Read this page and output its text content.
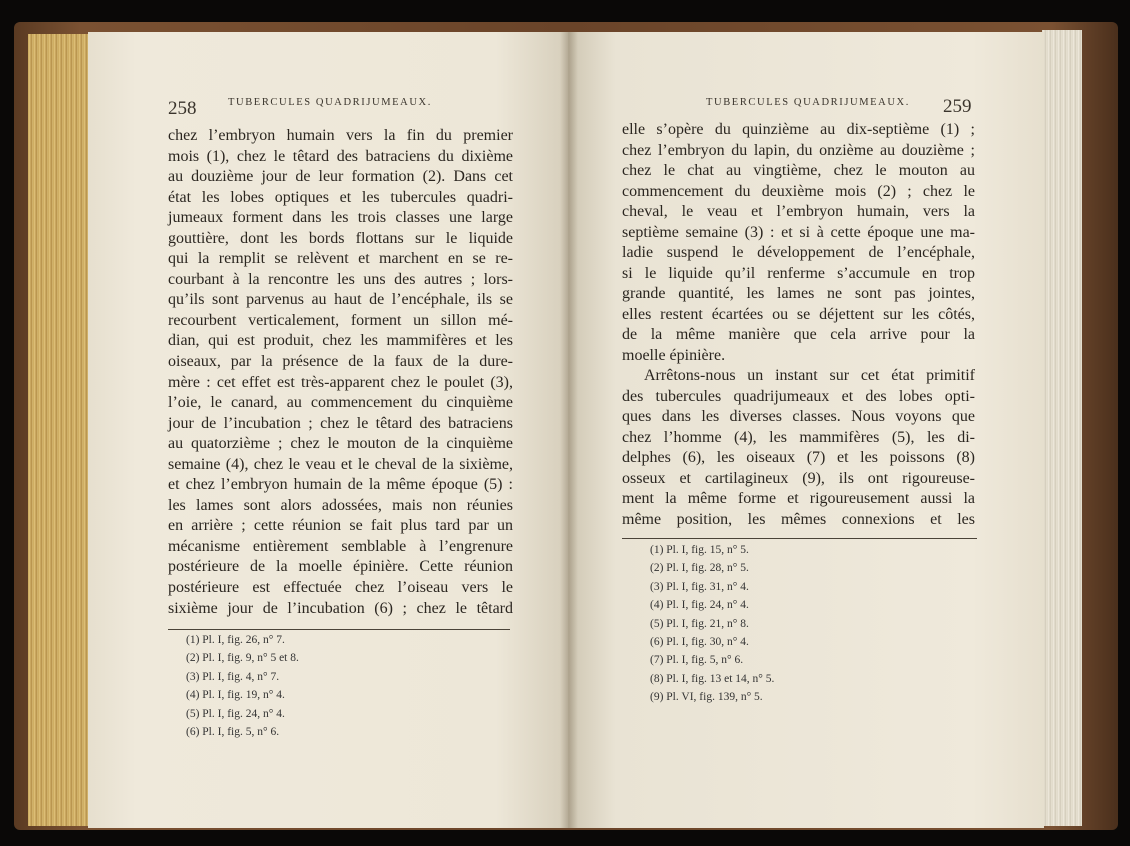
258	TUBERCULES QUADRIJUMEAUX.
chez l’embryon humain vers la fin du premier
mois (1), chez le têtard des batraciens du dixième
au douzième jour de leur formation (2). Dans cet
état les lobes optiques et les tubercules quadri-
jumeaux forment dans les trois classes une large
gouttière, dont les bords flottans sur le liquide
qui la remplit se relèvent et marchent en se re-
courbant à la rencontre les uns des autres ; lors-
qu’ils sont parvenus au haut de l’encéphale, ils se
recourbent verticalement, forment un sillon mé-
dian, qui est produit, chez les mammifères et les
oiseaux, par la présence de la faux de la dure-
mère : cet effet est très-apparent chez le poulet (3),
l’oie, le canard, au commencement du cinquième
jour de l’incubation ; chez le têtard des batraciens
au quatorzième ; chez le mouton de la cinquième
semaine (4), chez le veau et le cheval de la sixième,
et chez l’embryon humain de la même époque (5) :
les lames sont alors adossées, mais non réunies
en arrière ; cette réunion se fait plus tard par un
mécanisme entièrement semblable à l’engrenure
postérieure de la moelle épinière. Cette réunion
postérieure est effectuée chez l’oiseau vers le
sixième jour de l’incubation (6) ; chez le têtard
(1) Pl. I, fig. 26, n° 7.
(2) Pl. I, fig. 9, n° 5 et 8.
(3) Pl. I, fig. 4, n° 7.
(4) Pl. I, fig. 19, n° 4.
(5) Pl. I, fig. 24, n° 4.
(6) Pl. I, fig. 5, n° 6.
TUBERCULES QUADRIJUMEAUX.	259
elle s’opère du quinzième au dix-septième (1) ;
chez l’embryon du lapin, du onzième au douzième ;
chez le chat au vingtième, chez le mouton au
commencement du deuxième mois (2) ; chez le
cheval, le veau et l’embryon humain, vers la
septième semaine (3) : et si à cette époque une ma-
ladie suspend le développement de l’encéphale,
si le liquide qu’il renferme s’accumule en trop
grande quantité, les lames ne sont pas jointes,
elles restent écartées ou se déjettent sur les côtés,
de la même manière que cela arrive pour la
moelle épinière.
Arrêtons-nous un instant sur cet état primitif
des tubercules quadrijumeaux et des lobes opti-
ques dans les diverses classes. Nous voyons que
chez l’homme (4), les mammifères (5), les di-
delphes (6), les oiseaux (7) et les poissons (8)
osseux et cartilagineux (9), ils ont rigoureuse-
ment la même forme et rigoureusement aussi la
même position, les mêmes connexions et les
(1) Pl. I, fig. 15, n° 5.
(2) Pl. I, fig. 28, n° 5.
(3) Pl. I, fig. 31, n° 4.
(4) Pl. I, fig. 24, n° 4.
(5) Pl. I, fig. 21, n° 8.
(6) Pl. I, fig. 30, n° 4.
(7) Pl. I, fig. 5, n° 6.
(8) Pl. I, fig. 13 et 14, n° 5.
(9) Pl. VI, fig. 139, n° 5.
